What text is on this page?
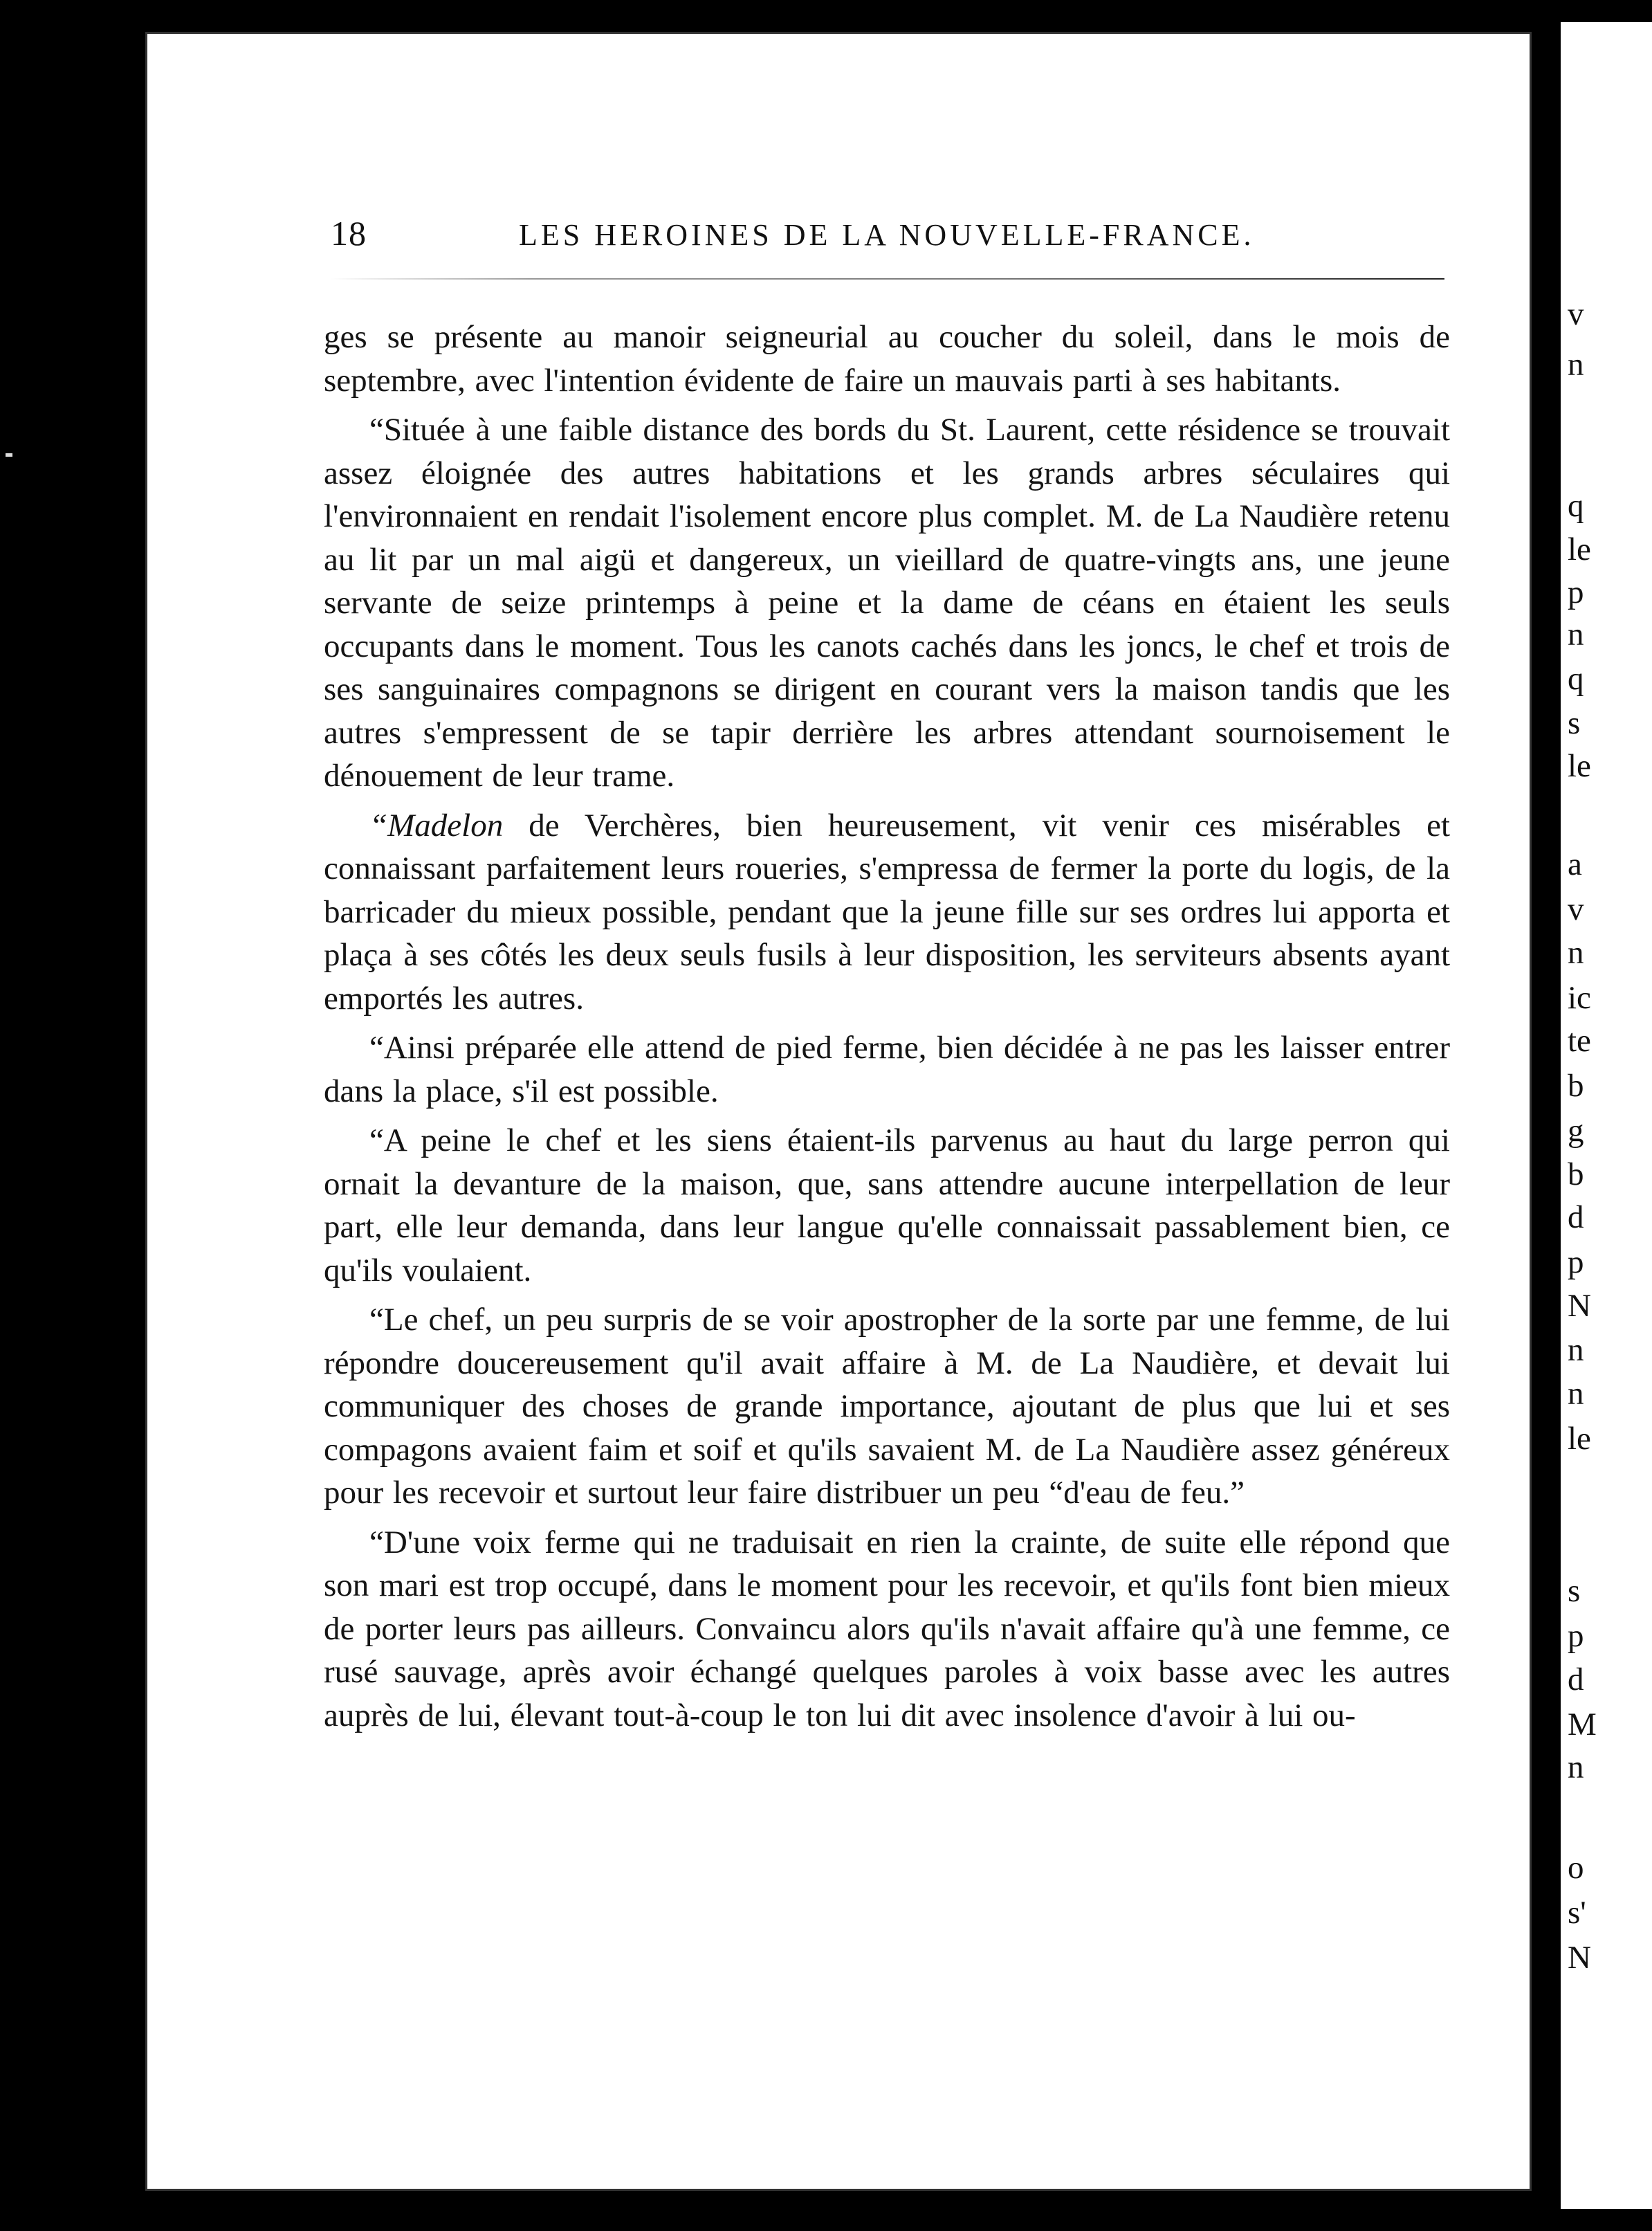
18	LES HEROINES DE LA NOUVELLE-FRANCE.

ges se présente au manoir seigneurial au coucher du soleil, dans le mois de septembre, avec l'intention évidente de faire un mauvais parti à ses habitants.

“Située à une faible distance des bords du St. Laurent, cette résidence se trouvait assez éloignée des autres habitations et les grands arbres séculaires qui l'environnaient en rendait l'isolement encore plus complet. M. de La Naudière retenu au lit par un mal aigü et dangereux, un vieillard de quatre-vingts ans, une jeune servante de seize printemps à peine et la dame de céans en étaient les seuls occupants dans le moment. Tous les canots cachés dans les joncs, le chef et trois de ses sanguinaires compagnons se dirigent en courant vers la maison tandis que les autres s'empressent de se tapir derrière les arbres attendant sournoisement le dénouement de leur trame.

“Madelon de Verchères, bien heureusement, vit venir ces misérables et connaissant parfaitement leurs roueries, s'empressa de fermer la porte du logis, de la barricader du mieux possible, pendant que la jeune fille sur ses ordres lui apporta et plaça à ses côtés les deux seuls fusils à leur disposition, les serviteurs absents ayant emportés les autres.

“Ainsi préparée elle attend de pied ferme, bien décidée à ne pas les laisser entrer dans la place, s'il est possible.

“A peine le chef et les siens étaient-ils parvenus au haut du large perron qui ornait la devanture de la maison, que, sans attendre aucune interpellation de leur part, elle leur demanda, dans leur langue qu'elle connaissait passablement bien, ce qu'ils voulaient.

“Le chef, un peu surpris de se voir apostropher de la sorte par une femme, de lui répondre doucereusement qu'il avait affaire à M. de La Naudière, et devait lui communiquer des choses de grande importance, ajoutant de plus que lui et ses compagons avaient faim et soif et qu'ils savaient M. de La Naudière assez généreux pour les recevoir et surtout leur faire distribuer un peu “d'eau de feu.”

“D'une voix ferme qui ne traduisait en rien la crainte, de suite elle répond que son mari est trop occupé, dans le moment pour les recevoir, et qu'ils font bien mieux de porter leurs pas ailleurs. Convaincu alors qu'ils n'avait affaire qu'à une femme, ce rusé sauvage, après avoir échangé quelques paroles à voix basse avec les autres auprès de lui, élevant tout-à-coup le ton lui dit avec insolence d'avoir à lui ou-

v
n
q
le
p
n
q
s
le
a
v
n
ic
te
b
g
b
d
p
N
n
n
le
s
p
d
M
n
o
s'
N
